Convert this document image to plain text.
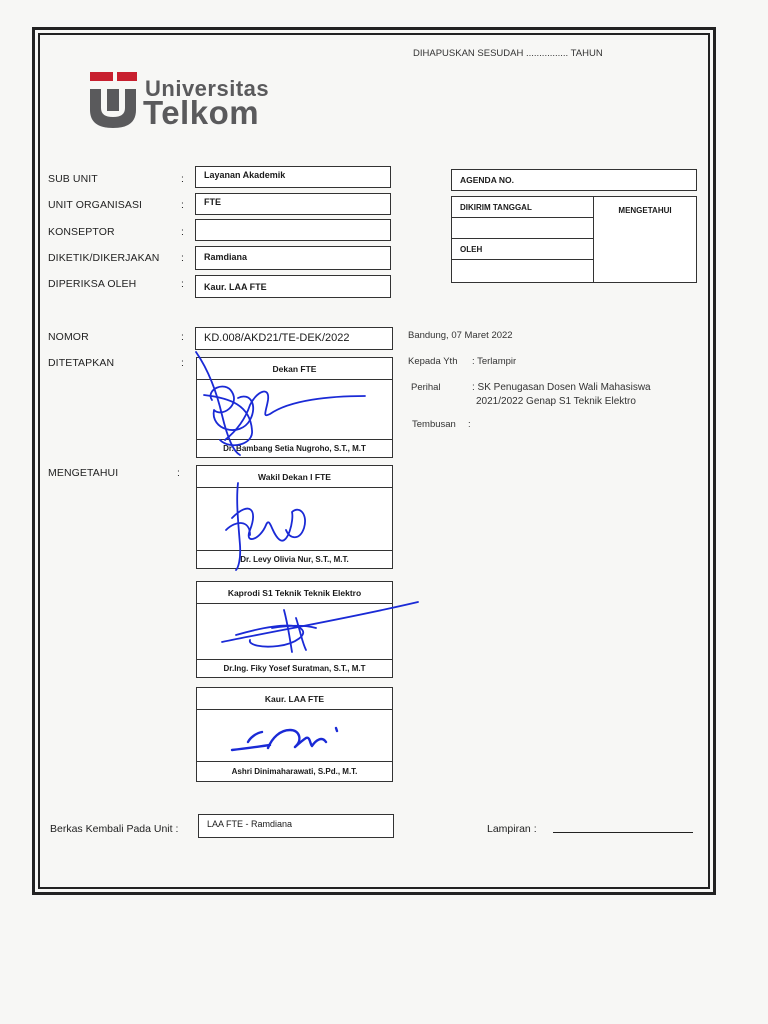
DIHAPUSKAN SESUDAH ................ TAHUN
Universitas
Telkom
SUB UNIT	:	Layanan Akademik
UNIT ORGANISASI	:	FTE
KONSEPTOR	:
DIKETIK/DIKERJAKAN :	Ramdiana
DIPERIKSA OLEH	:	Kaur. LAA FTE
AGENDA NO.
DIKIRIM TANGGAL	MENGETAHUI

OLEH

NOMOR	:	KD.008/AKD21/TE-DEK/2022
DITETAPKAN	:
MENGETAHUI	:
Bandung, 07 Maret 2022
Kepada Yth : Terlampir
Perihal	: SK Penugasan Dosen Wali Mahasiswa
2021/2022 Genap S1 Teknik Elektro
Tembusan :
Dekan FTE
Dr. Bambang Setia Nugroho, S.T., M.T
Wakil Dekan I FTE
Dr. Levy Olivia Nur, S.T., M.T.
Kaprodi S1 Teknik Teknik Elektro
Dr.Ing. Fiky Yosef Suratman, S.T., M.T
Kaur. LAA FTE
Ashri Dinimaharawati, S.Pd., M.T.
Berkas Kembali Pada Unit :	LAA FTE - Ramdiana	Lampiran :
